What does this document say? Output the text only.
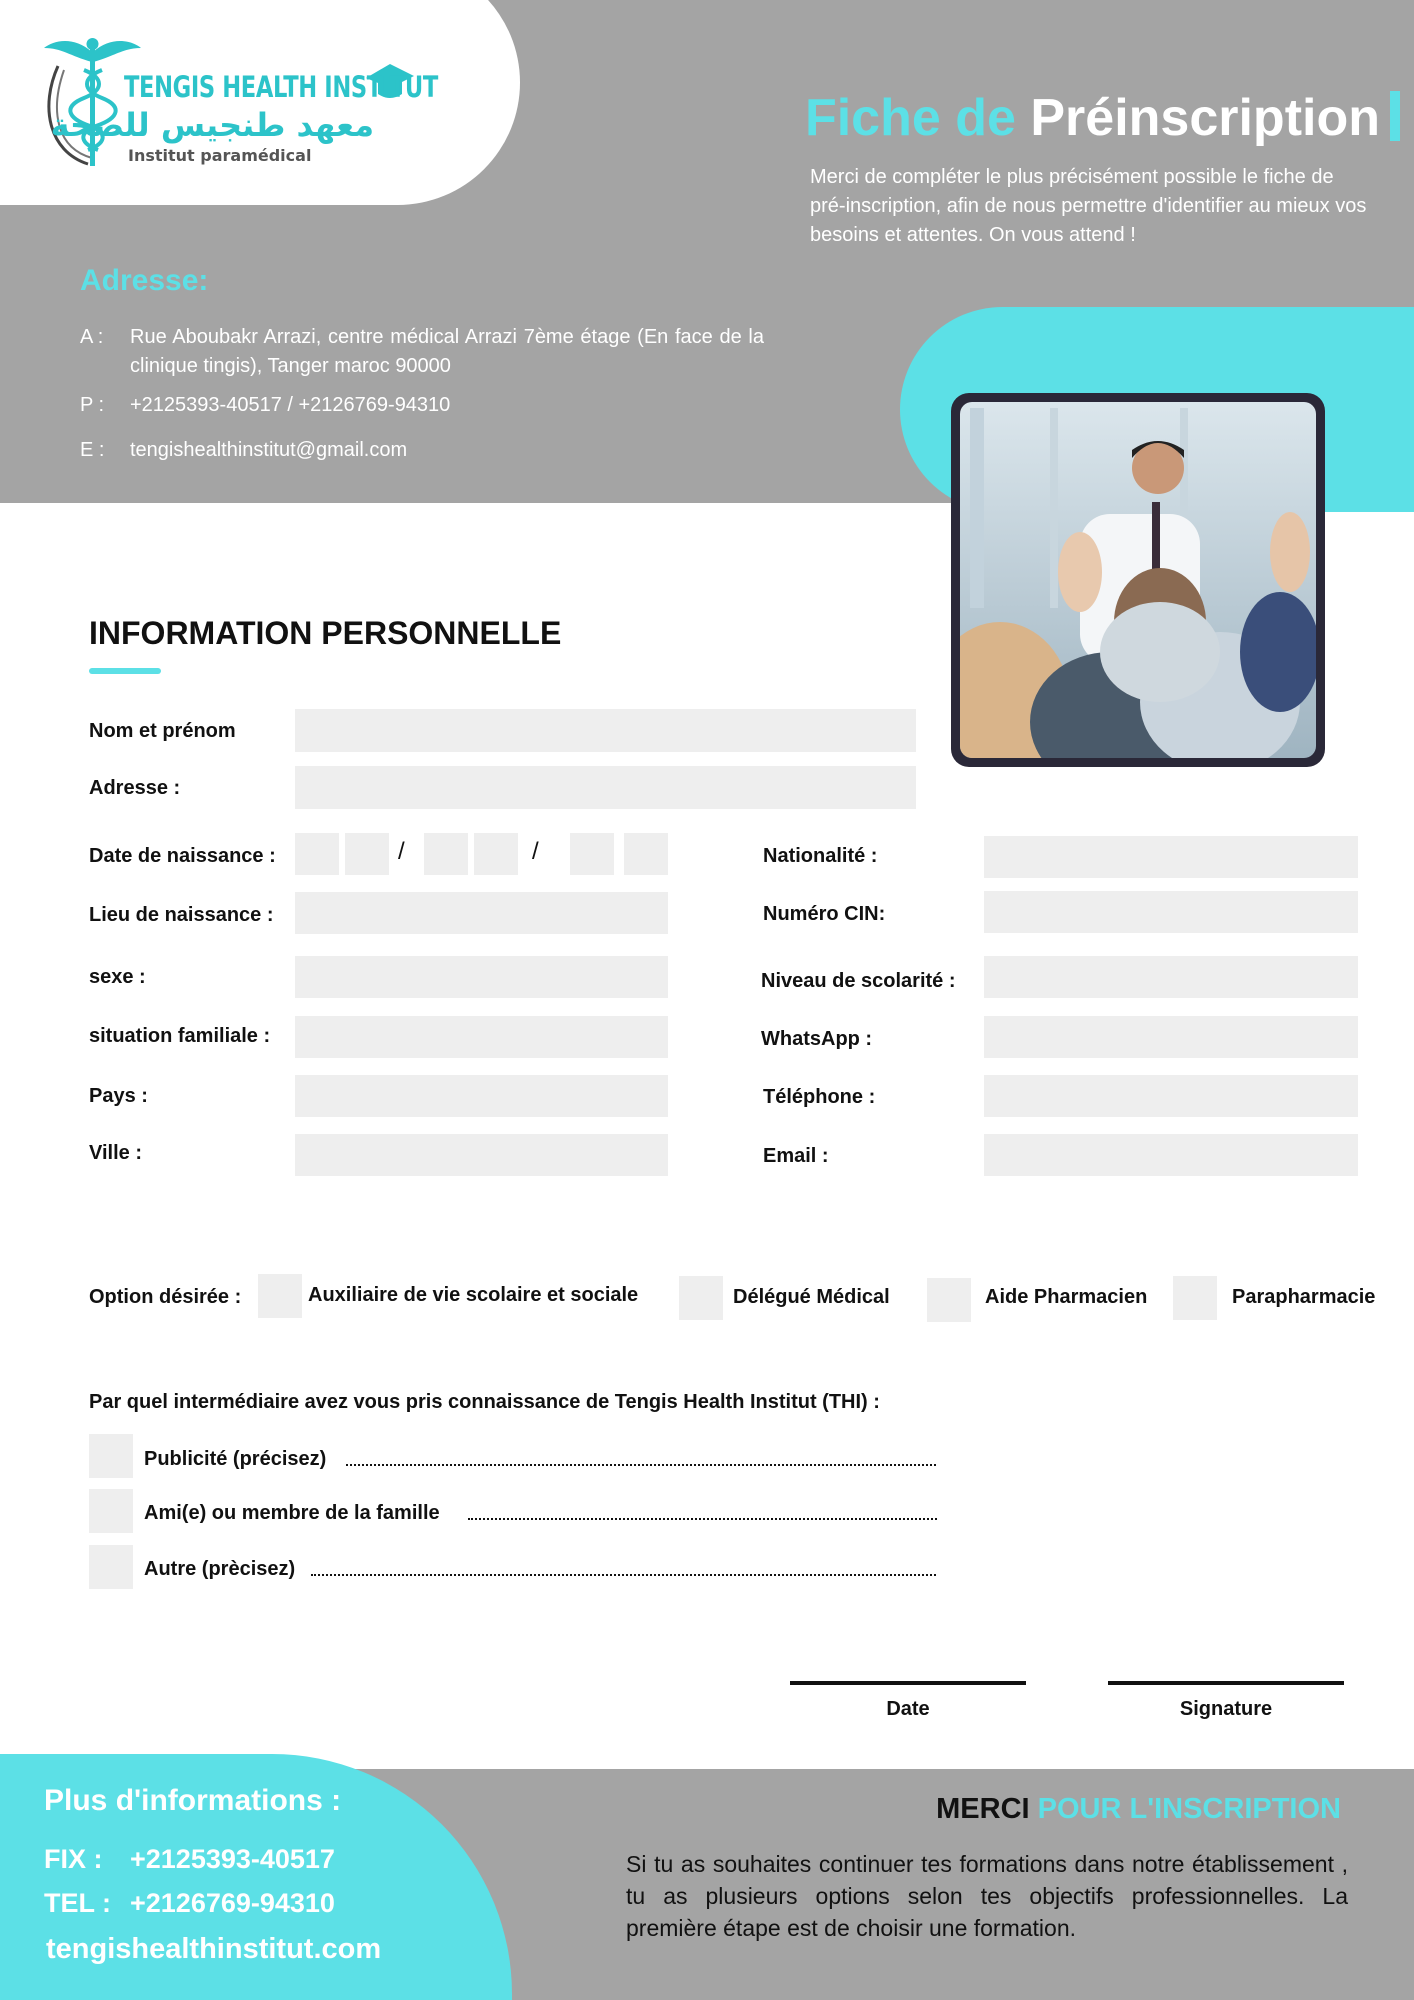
TENGIS HEALTH INSTITUT
معهد طنجيس للصحة
Institut paramédical
Fiche de Préinscription
Merci de compléter le plus précisément possible le fiche de pré-inscription, afin de nous permettre d'identifier au mieux vos besoins et attentes. On vous attend !
Adresse:
A :	Rue Aboubakr Arrazi, centre médical Arrazi 7ème étage (En face de la clinique tingis), Tanger maroc 90000
P :	+2125393-40517 / +2126769-94310
E :	tengishealthinstitut@gmail.com
INFORMATION PERSONNELLE
Nom et prénom
Adresse :
Date de naissance :	/	/
Lieu de naissance :
sexe :
situation familiale :
Pays :
Ville :
Nationalité :
Numéro CIN:
Niveau de scolarité :
WhatsApp :
Téléphone :
Email :
Option désirée :	Auxiliaire de vie scolaire et sociale	Délégué Médical	Aide Pharmacien	Parapharmacie
Par quel intermédiaire avez vous pris connaissance de Tengis Health Institut (THI) :
Publicité (précisez)
Ami(e) ou membre de la famille
Autre (prècisez)
Date	Signature
Plus d'informations :
FIX : +2125393-40517
TEL : +2126769-94310
tengishealthinstitut.com
MERCI POUR L'INSCRIPTION
Si tu as souhaites continuer tes formations dans notre établissement , tu as plusieurs options selon tes objectifs professionnelles. La première étape est de choisir une formation.
